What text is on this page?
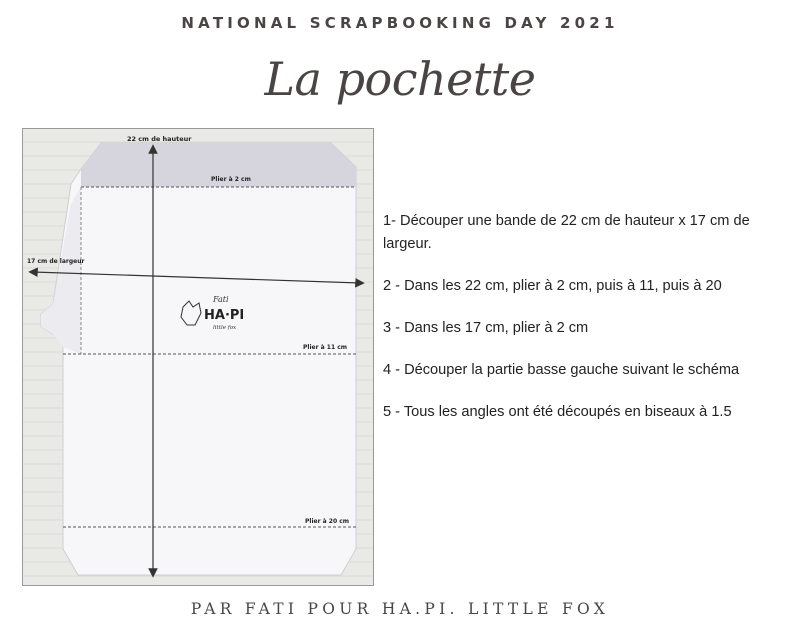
NATIONAL SCRAPBOOKING DAY 2021
La pochette
22 cm de hauteur
17 cm de largeur
Plier à 2 cm
Plier à 11 cm
Plier à 20 cm
Fati
HA·PI
little fox

1- Découper une bande de 22 cm de hauteur x 17 cm de largeur.

2 - Dans les 22 cm, plier à 2 cm, puis à 11, puis à 20

3 - Dans les 17 cm, plier à 2 cm

4 - Découper la partie basse gauche suivant le schéma

5 - Tous les angles ont été découpés en biseaux à 1.5

PAR FATI POUR HA.PI. LITTLE FOX
